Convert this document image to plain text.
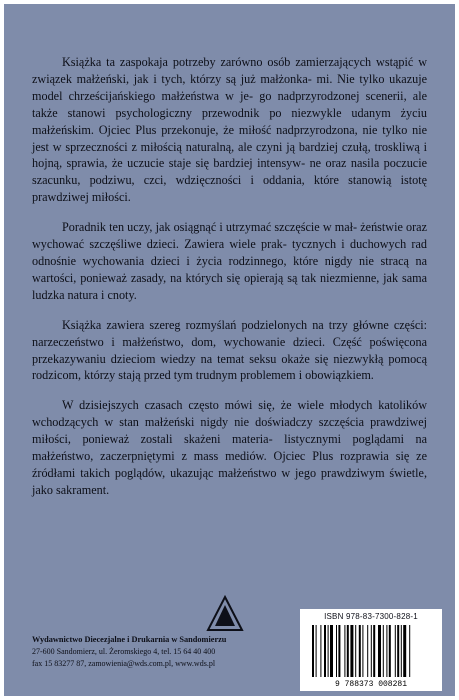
Książka ta zaspokaja potrzeby zarówno osób zamierzających wstąpić w związek małżeński, jak i tych, którzy są już małżonka- mi. Nie tylko ukazuje model chrześcijańskiego małżeństwa w je- go nadprzyrodzonej scenerii, ale także stanowi psychologiczny przewodnik po niezwykle udanym życiu małżeńskim. Ojciec Plus przekonuje, że miłość nadprzyrodzona, nie tylko nie jest w sprzeczności z miłością naturalną, ale czyni ją bardziej czułą, troskliwą i hojną, sprawia, że uczucie staje się bardziej intensyw- ne oraz nasila poczucie szacunku, podziwu, czci, wdzięczności i oddania, które stanowią istotę prawdziwej miłości.

Poradnik ten uczy, jak osiągnąć i utrzymać szczęście w mał- żeństwie oraz wychować szczęśliwe dzieci. Zawiera wiele prak- tycznych i duchowych rad odnośnie wychowania dzieci i życia rodzinnego, które nigdy nie stracą na wartości, ponieważ zasady, na których się opierają są tak niezmienne, jak sama ludzka natura i cnoty.

Książka zawiera szereg rozmyślań podzielonych na trzy główne części: narzeczeństwo i małżeństwo, dom, wychowanie dzieci. Część poświęcona przekazywaniu dzieciom wiedzy na temat seksu okaże się niezwykłą pomocą rodzicom, którzy stają przed tym trudnym problemem i obowiązkiem.

W dzisiejszych czasach często mówi się, że wiele młodych katolików wchodzących w stan małżeński nigdy nie doświadczy szczęścia prawdziwej miłości, ponieważ zostali skażeni materia- listycznymi poglądami na małżeństwo, zaczerpniętymi z mass mediów. Ojciec Plus rozprawia się ze źródłami takich poglądów, ukazując małżeństwo w jego prawdziwym świetle, jako sakrament.

Wydawnictwo Diecezjalne i Drukarnia w Sandomierzu
27-600 Sandomierz, ul. Żeromskiego 4, tel. 15 64 40 400
fax 15 83277 87, zamowienia@wds.com.pl, www.wds.pl
ISBN 978-83-7300-828-1
9 788373 008281
